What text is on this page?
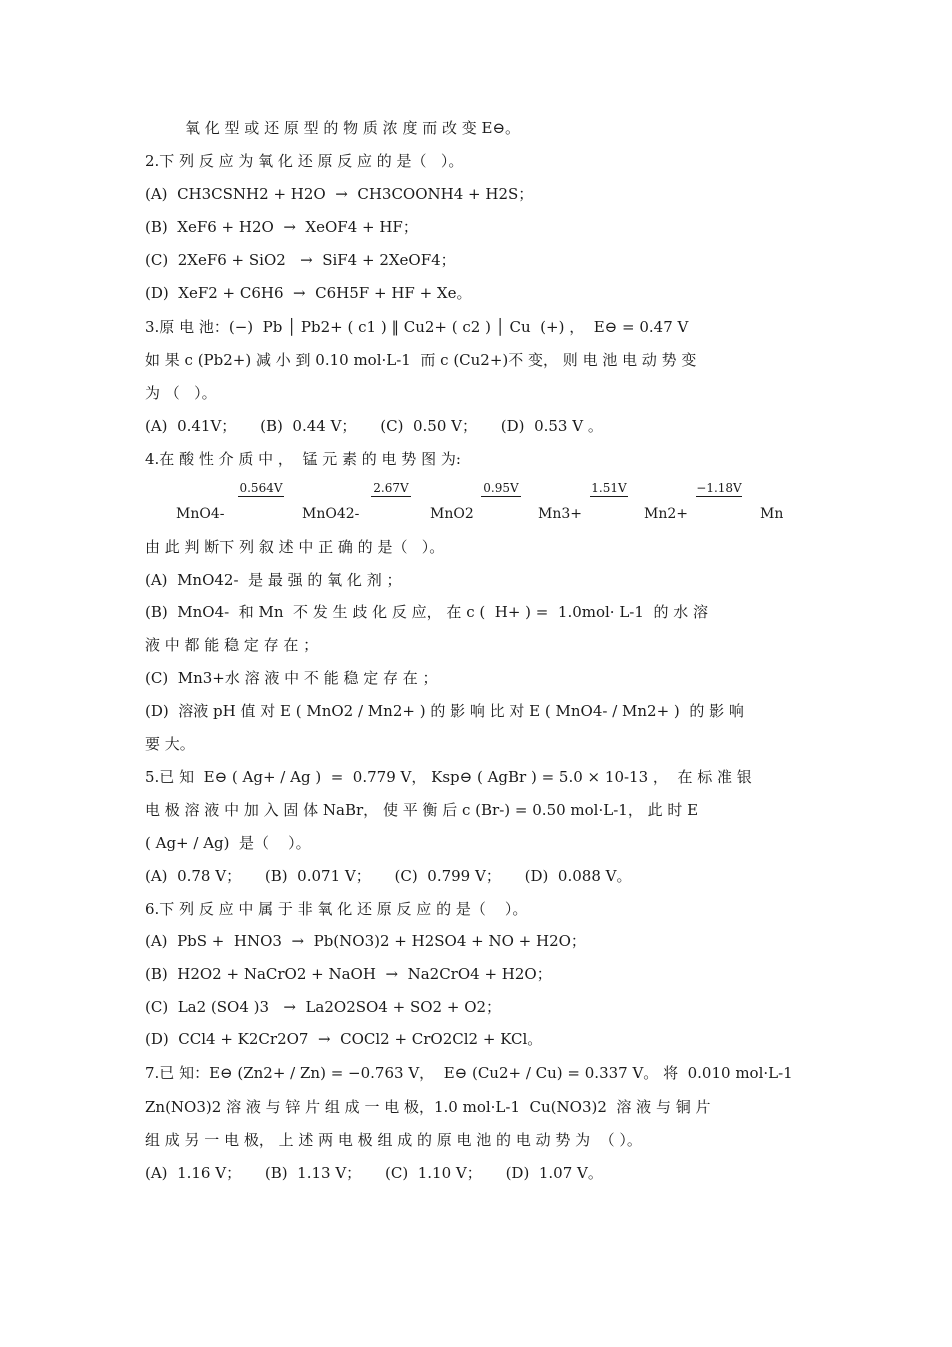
氧 化 型 或 还 原 型 的 物 质 浓 度 而 改 变 E⊖。
2.下 列 反 应 为 氧 化 还 原 反 应 的 是（   ）。
(A)  CH3CSNH2 + H2O  →  CH3COONH4 + H2S；
(B)  XeF6 + H2O  →  XeOF4 + HF；
(C)  2XeF6 + SiO2   →  SiF4 + 2XeOF4；
(D)  XeF2 + C6H6  →  C6H5F + HF + Xe。
3.原 电 池：(−)  Pb │ Pb2+ ( c1 ) ‖ Cu2+ ( c2 ) │ Cu  (+) ，  E⊖ = 0.47 V
如 果 c (Pb2+) 减 小 到 0.10 mol·L-1  而 c (Cu2+)不 变， 则 电 池 电 动 势 变
为 （   ）。
(A)  0.41V；     (B)  0.44 V；     (C)  0.50 V；     (D)  0.53 V 。
4.在 酸 性 介 质 中 ，  锰 元 素 的 电 势 图 为:
0.564V	2.67V	0.95V	1.51V	−1.18V
MnO4-	MnO42-	MnO2	Mn3+	Mn2+	Mn
由 此 判 断下 列 叙 述 中 正 确 的 是（   ）。
(A)  MnO42-  是 最 强 的 氧 化 剂 ；
(B)  MnO4-  和 Mn  不 发 生 歧 化 反 应， 在 c (  H+ ) =  1.0mol· L-1  的 水 溶
液 中 都 能 稳 定 存 在 ；
(C)  Mn3+水 溶 液 中 不 能 稳 定 存 在 ；
(D)  溶液 pH 值 对 E ( MnO2 / Mn2+ ) 的 影 响 比 对 E ( MnO4- / Mn2+ )  的 影 响
要 大。
5.已 知  E⊖ ( Ag+ / Ag )  =  0.779 V， Ksp⊖ ( AgBr ) = 5.0 × 10-13 ，  在 标 准 银
电 极 溶 液 中 加 入 固 体 NaBr， 使 平 衡 后 c (Br-) = 0.50 mol·L-1， 此 时 E
( Ag+ / Ag)  是（    ）。
(A)  0.78 V；     (B)  0.071 V；     (C)  0.799 V；     (D)  0.088 V。
6.下 列 反 应 中 属 于 非 氧 化 还 原 反 应 的 是（    ）。
(A)  PbS +  HNO3  →  Pb(NO3)2 + H2SO4 + NO + H2O；
(B)  H2O2 + NaCrO2 + NaOH  →  Na2CrO4 + H2O；
(C)  La2 (SO4 )3   →  La2O2SO4 + SO2 + O2；
(D)  CCl4 + K2Cr2O7  →  COCl2 + CrO2Cl2 + KCl。
7.已 知：E⊖ (Zn2+ / Zn) = −0.763 V，  E⊖ (Cu2+ / Cu) = 0.337 V。 将  0.010 mol·L-1
Zn(NO3)2 溶 液 与 锌 片 组 成 一 电 极，1.0 mol·L-1  Cu(NO3)2  溶 液 与 铜 片
组 成 另 一 电 极， 上 述 两 电 极 组 成 的 原 电 池 的 电 动 势 为  （ ）。
(A)  1.16 V；     (B)  1.13 V；     (C)  1.10 V；     (D)  1.07 V。
